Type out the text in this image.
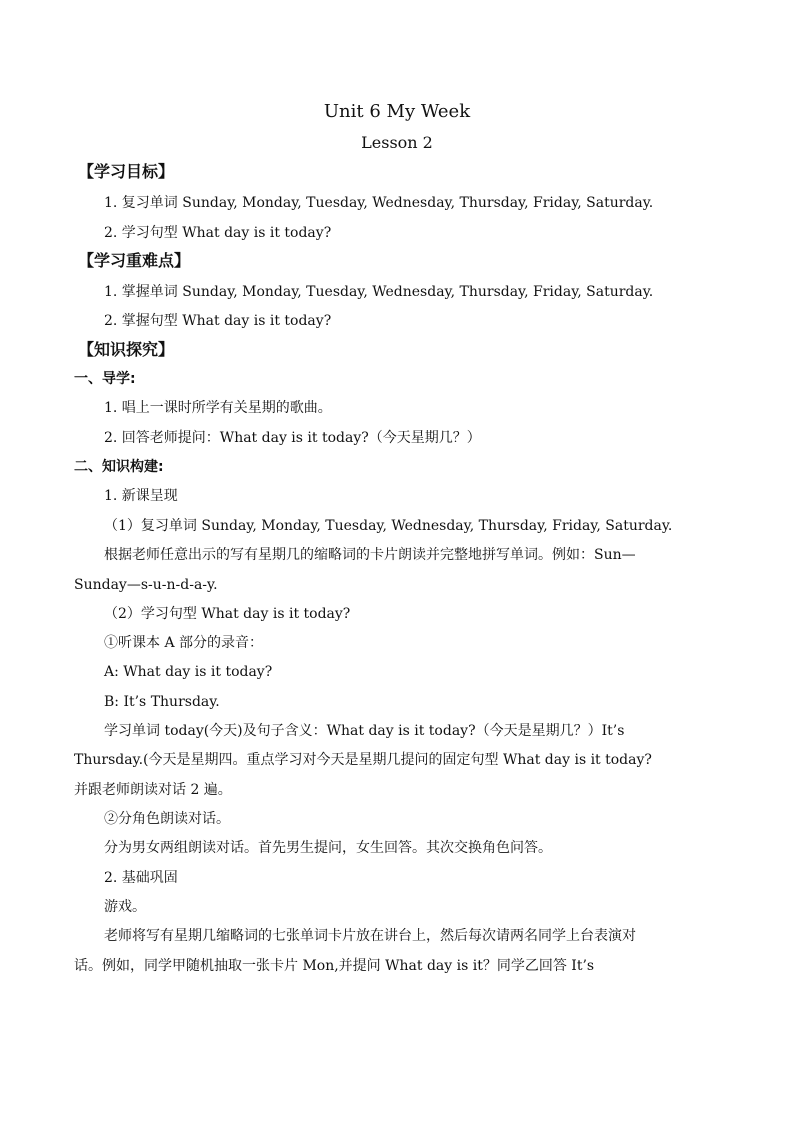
Unit 6 My Week
Lesson 2
【学习目标】
1. 复习单词 Sunday, Monday, Tuesday, Wednesday, Thursday, Friday, Saturday.
2. 学习句型 What day is it today?
【学习重难点】
1. 掌握单词 Sunday, Monday, Tuesday, Wednesday, Thursday, Friday, Saturday.
2. 掌握句型 What day is it today?
【知识探究】
一、导学:
1. 唱上一课时所学有关星期的歌曲。
2. 回答老师提问：What day is it today?（今天星期几？）
二、知识构建:
1. 新课呈现
（1）复习单词 Sunday, Monday, Tuesday, Wednesday, Thursday, Friday, Saturday.
根据老师任意出示的写有星期几的缩略词的卡片朗读并完整地拼写单词。例如：Sun—
Sunday—s-u-n-d-a-y.
（2）学习句型 What day is it today?
①听课本 A 部分的录音：
A: What day is it today?
B: It’s Thursday.
学习单词 today(今天)及句子含义：What day is it today?（今天是星期几？）It’s
Thursday.(今天是星期四。重点学习对今天是星期几提问的固定句型 What day is it today?
并跟老师朗读对话 2 遍。
②分角色朗读对话。
分为男女两组朗读对话。首先男生提问，女生回答。其次交换角色问答。
2. 基础巩固
游戏。
老师将写有星期几缩略词的七张单词卡片放在讲台上，然后每次请两名同学上台表演对
话。例如，同学甲随机抽取一张卡片 Mon,并提问 What day is it？同学乙回答 It’s
